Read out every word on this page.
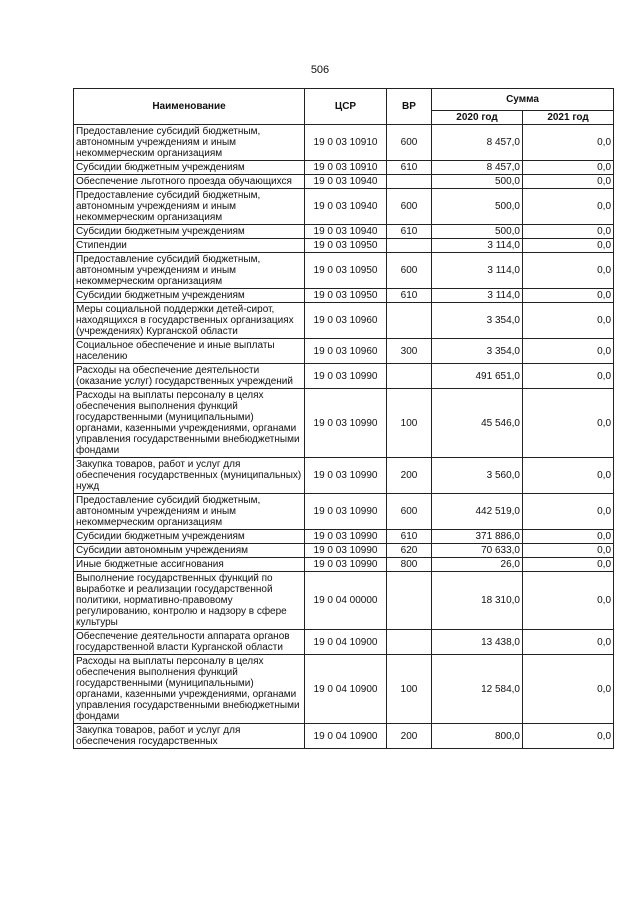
506
Наименование	ЦСР	ВР	Сумма	
			2020 год	2021 год
Предоставление субсидий бюджетным, автономным учреждениям и иным некоммерческим организациям	19 0 03 10910	600	8 457,0	0,0
Субсидии бюджетным учреждениям	19 0 03 10910	610	8 457,0	0,0
Обеспечение льготного проезда обучающихся	19 0 03 10940		500,0	0,0
Предоставление субсидий бюджетным, автономным учреждениям и иным некоммерческим организациям	19 0 03 10940	600	500,0	0,0
Субсидии бюджетным учреждениям	19 0 03 10940	610	500,0	0,0
Стипендии	19 0 03 10950		3 114,0	0,0
Предоставление субсидий бюджетным, автономным учреждениям и иным некоммерческим организациям	19 0 03 10950	600	3 114,0	0,0
Субсидии бюджетным учреждениям	19 0 03 10950	610	3 114,0	0,0
Меры социальной поддержки детей-сирот, находящихся в государственных организациях (учреждениях) Курганской области	19 0 03 10960		3 354,0	0,0
Социальное обеспечение и иные выплаты населению	19 0 03 10960	300	3 354,0	0,0
Расходы на обеспечение деятельности (оказание услуг) государственных учреждений	19 0 03 10990		491 651,0	0,0
Расходы на выплаты персоналу в целях обеспечения выполнения функций государственными (муниципальными) органами, казенными учреждениями, органами управления государственными внебюджетными фондами	19 0 03 10990	100	45 546,0	0,0
Закупка товаров, работ и услуг для обеспечения государственных (муниципальных) нужд	19 0 03 10990	200	3 560,0	0,0
Предоставление субсидий бюджетным, автономным учреждениям и иным некоммерческим организациям	19 0 03 10990	600	442 519,0	0,0
Субсидии бюджетным учреждениям	19 0 03 10990	610	371 886,0	0,0
Субсидии автономным учреждениям	19 0 03 10990	620	70 633,0	0,0
Иные бюджетные ассигнования	19 0 03 10990	800	26,0	0,0
Выполнение государственных функций по выработке и реализации государственной политики, нормативно-правовому регулированию, контролю и надзору в сфере культуры	19 0 04 00000		18 310,0	0,0
Обеспечение деятельности аппарата органов государственной власти Курганской области	19 0 04 10900		13 438,0	0,0
Расходы на выплаты персоналу в целях обеспечения выполнения функций государственными (муниципальными) органами, казенными учреждениями, органами управления государственными внебюджетными фондами	19 0 04 10900	100	12 584,0	0,0
Закупка товаров, работ и услуг для обеспечения государственных	19 0 04 10900	200	800,0	0,0
